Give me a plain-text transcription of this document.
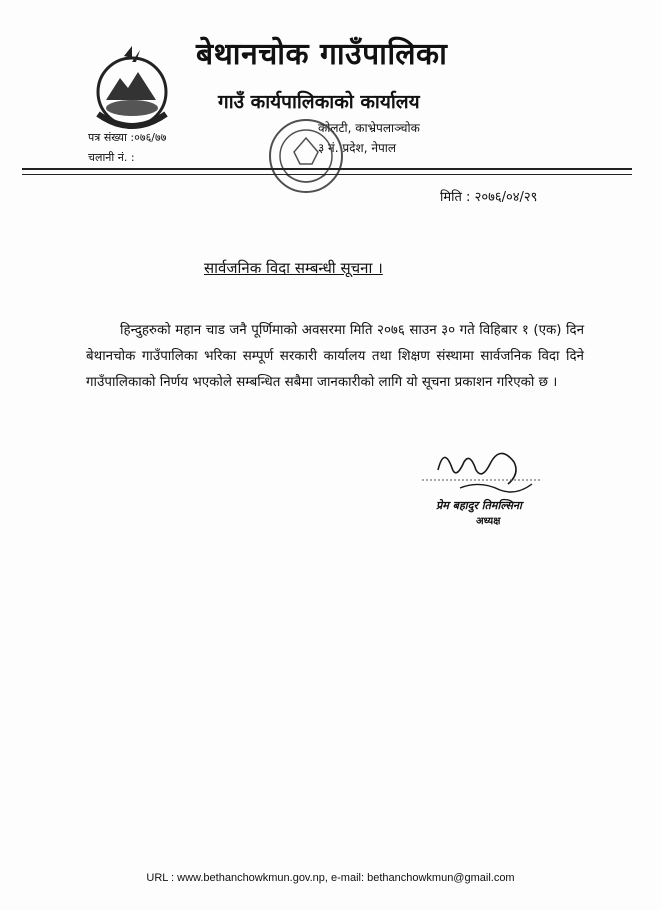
बेथानचोक गाउँपालिका
गाउँ कार्यपालिकाको कार्यालय
कोलटी, काभ्रेपलाञ्चोक
३ नं. प्रदेश, नेपाल
पत्र संख्या :०७६/७७
चलानी नं. :
मिति : २०७६/०४/२९
सार्वजनिक विदा सम्बन्धी सूचना ।
हिन्दुहरुको महान चाड जनै पूर्णिमाको अवसरमा मिति २०७६ साउन ३० गते विहिबार १ (एक) दिन बेथानचोक गाउँपालिका भरिका सम्पूर्ण सरकारी कार्यालय तथा शिक्षण संस्थामा सार्वजनिक विदा दिने गाउँपालिकाको निर्णय भएकोले सम्बन्धित सबैमा जानकारीको लागि यो सूचना प्रकाशन गरिएको छ ।
प्रेम बहादुर तिमल्सिना
अध्यक्ष
URL : www.bethanchowkmun.gov.np, e-mail: bethanchowkmun@gmail.com
